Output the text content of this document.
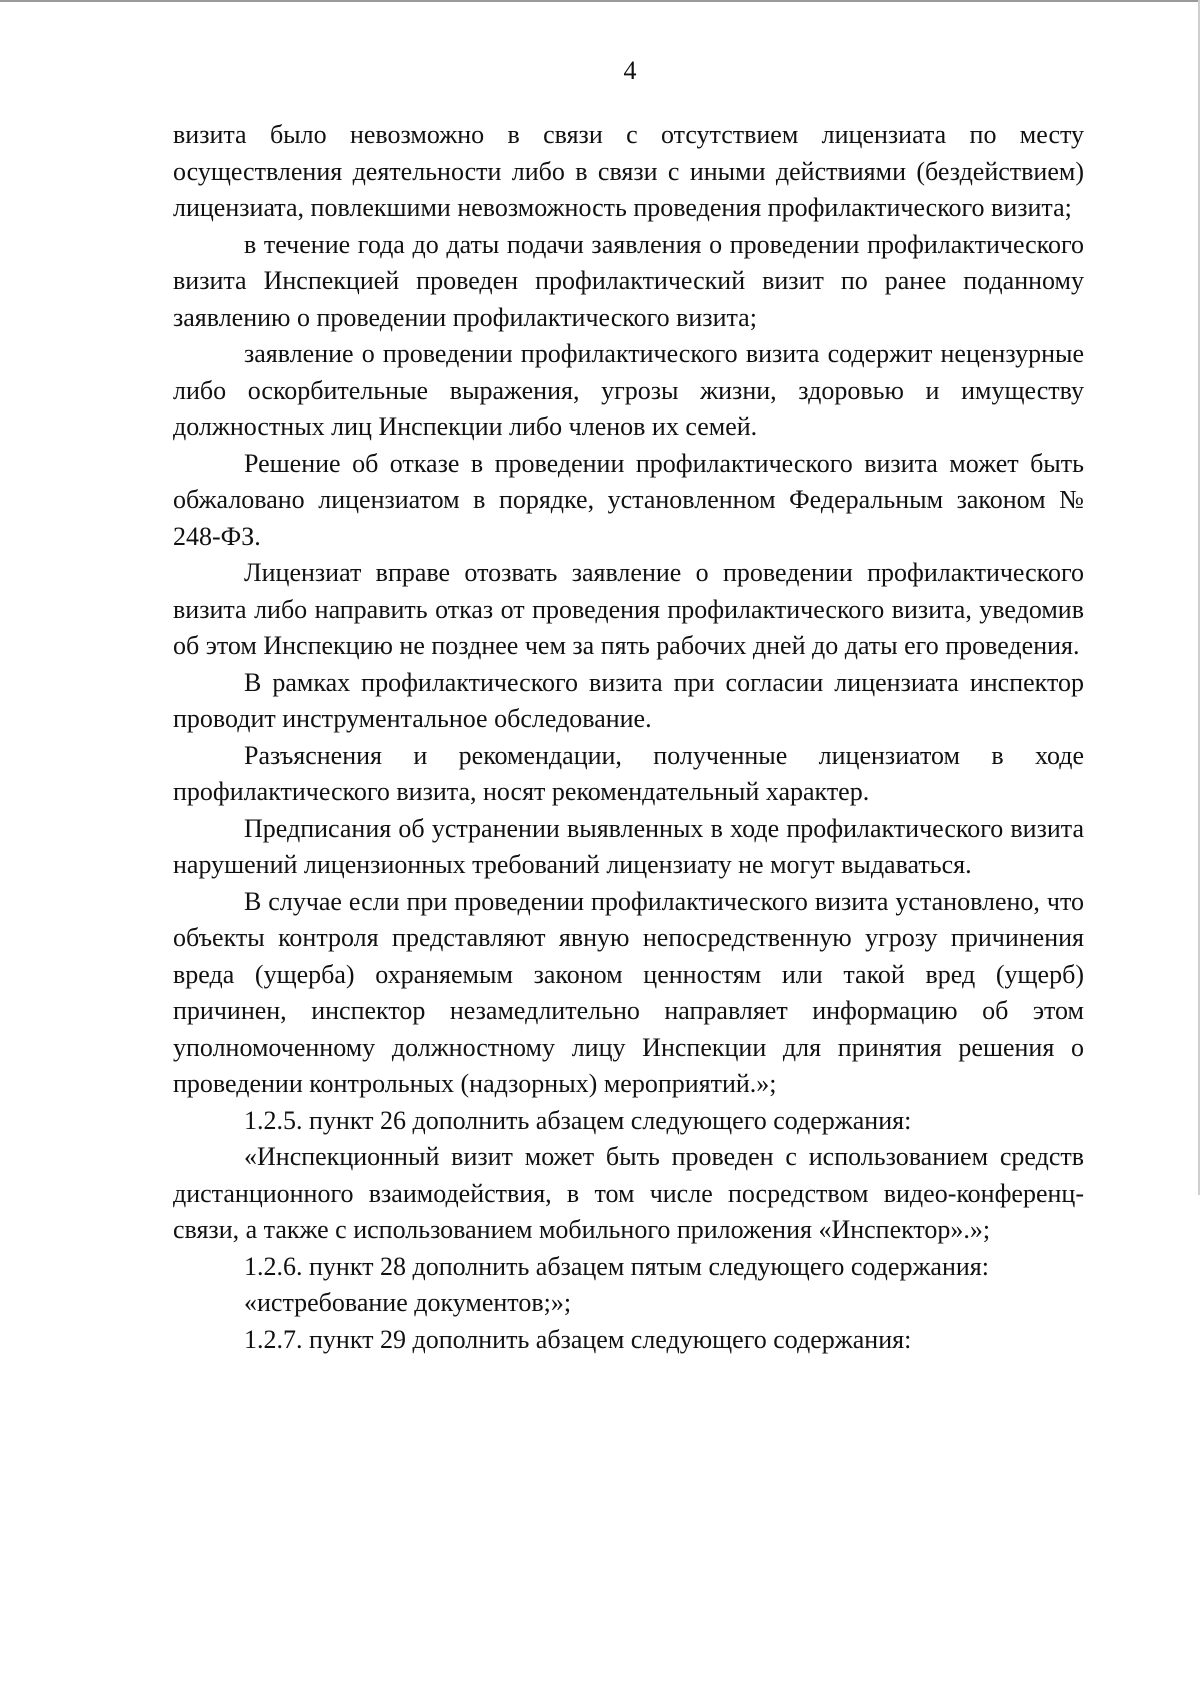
4

визита было невозможно в связи с отсутствием лицензиата по месту осуществления деятельности либо в связи с иными действиями (бездействием) лицензиата, повлекшими невозможность проведения профилактического визита;

в течение года до даты подачи заявления о проведении профилактического визита Инспекцией проведен профилактический визит по ранее поданному заявлению о проведении профилактического визита;

заявление о проведении профилактического визита содержит нецензурные либо оскорбительные выражения, угрозы жизни, здоровью и имуществу должностных лиц Инспекции либо членов их семей.

Решение об отказе в проведении профилактического визита может быть обжаловано лицензиатом в порядке, установленном Федеральным законом № 248-ФЗ.

Лицензиат вправе отозвать заявление о проведении профилактического визита либо направить отказ от проведения профилактического визита, уведомив об этом Инспекцию не позднее чем за пять рабочих дней до даты его проведения.

В рамках профилактического визита при согласии лицензиата инспектор проводит инструментальное обследование.

Разъяснения и рекомендации, полученные лицензиатом в ходе профилактического визита, носят рекомендательный характер.

Предписания об устранении выявленных в ходе профилактического визита нарушений лицензионных требований лицензиату не могут выдаваться.

В случае если при проведении профилактического визита установлено, что объекты контроля представляют явную непосредственную угрозу причинения вреда (ущерба) охраняемым законом ценностям или такой вред (ущерб) причинен, инспектор незамедлительно направляет информацию об этом уполномоченному должностному лицу Инспекции для принятия решения о проведении контрольных (надзорных) мероприятий.»;

1.2.5. пункт 26 дополнить абзацем следующего содержания:

«Инспекционный визит может быть проведен с использованием средств дистанционного взаимодействия, в том числе посредством видео-конференц-связи, а также с использованием мобильного приложения «Инспектор».»;

1.2.6. пункт 28 дополнить абзацем пятым следующего содержания:

«истребование документов;»;

1.2.7. пункт 29 дополнить абзацем следующего содержания:
